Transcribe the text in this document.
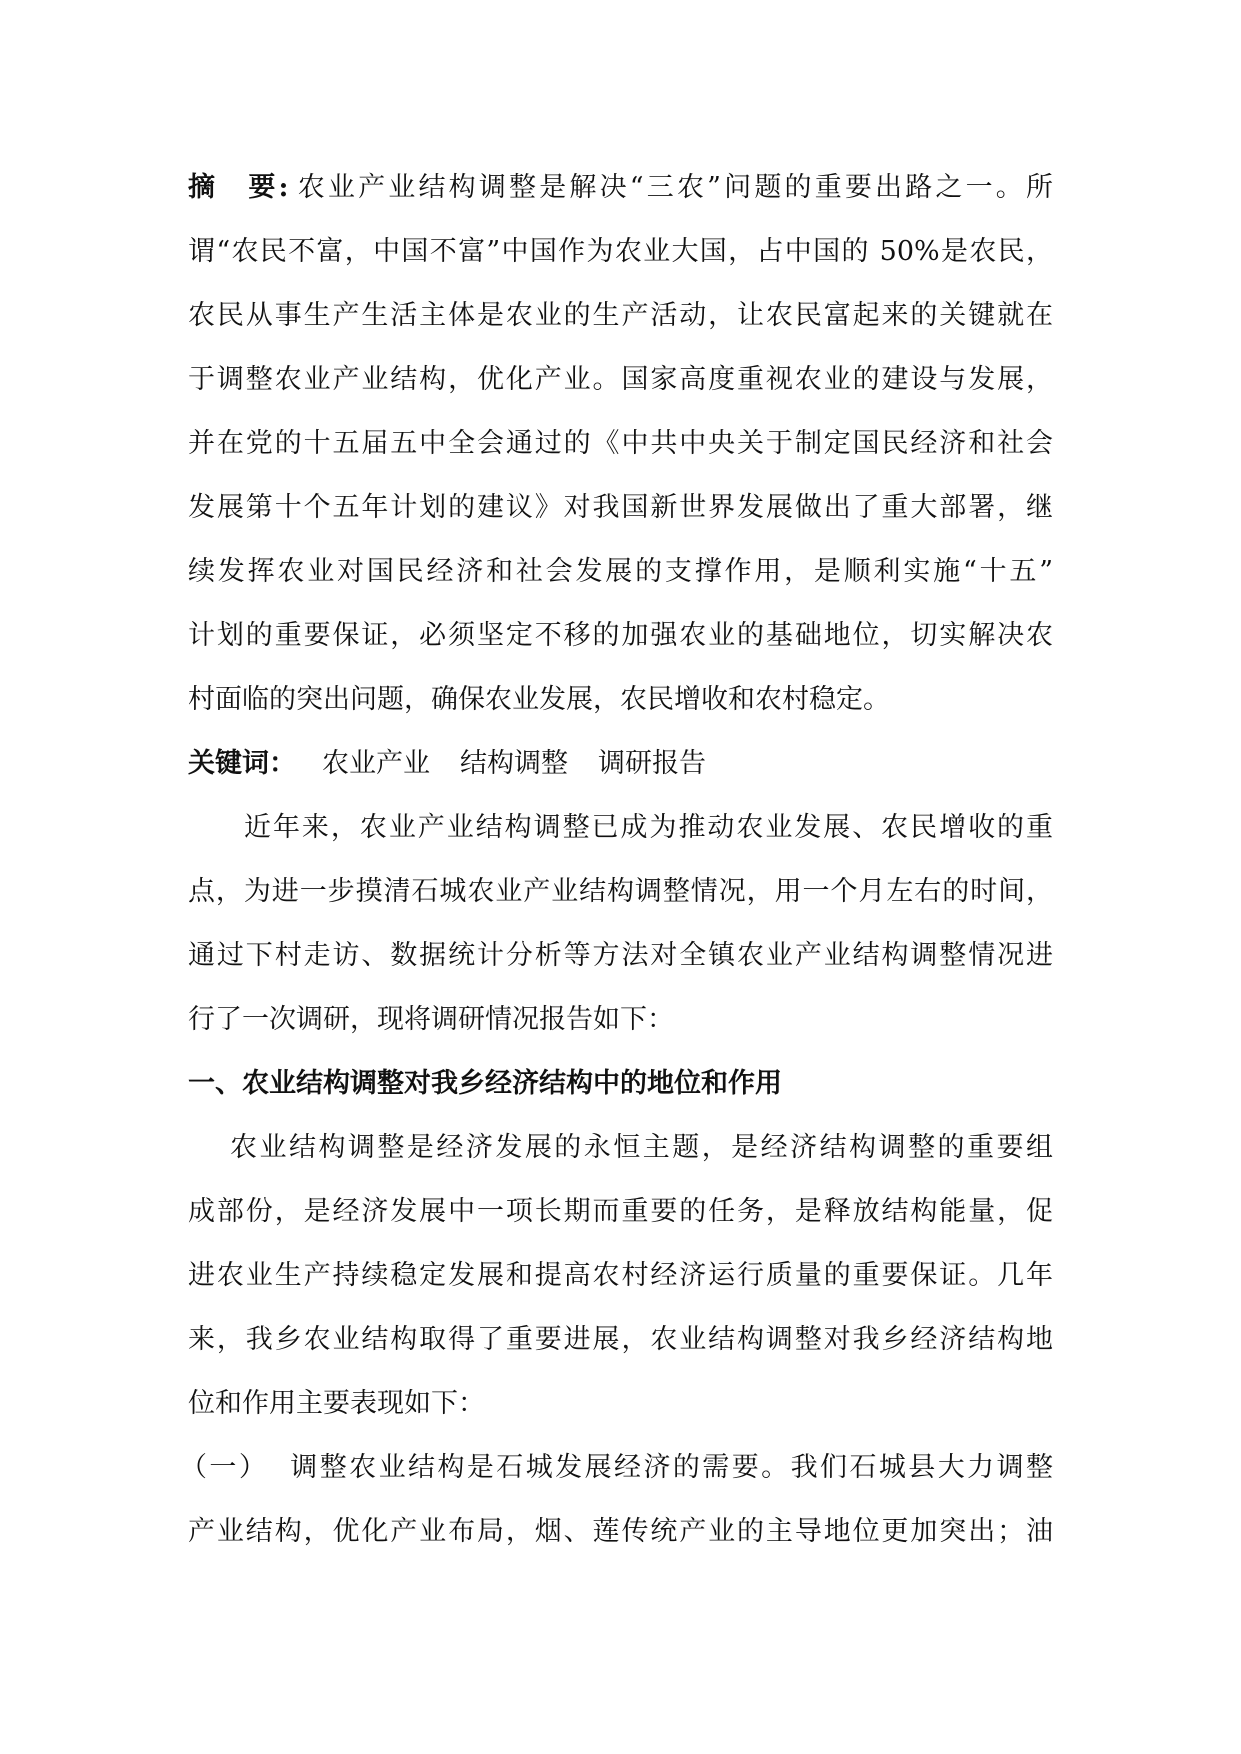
摘　要: 农业产业结构调整是解决“三农”问题的重要出路之一。所
谓“农民不富，中国不富”中国作为农业大国，占中国的 50%是农民，
农民从事生产生活主体是农业的生产活动，让农民富起来的关键就在
于调整农业产业结构，优化产业。国家高度重视农业的建设与发展，
并在党的十五届五中全会通过的《中共中央关于制定国民经济和社会
发展第十个五年计划的建议》对我国新世界发展做出了重大部署，继
续发挥农业对国民经济和社会发展的支撑作用，是顺利实施“十五”
计划的重要保证，必须坚定不移的加强农业的基础地位，切实解决农
村面临的突出问题，确保农业发展，农民增收和农村稳定。
关键词： 农业产业 结构调整 调研报告
近年来，农业产业结构调整已成为推动农业发展、农民增收的重
点，为进一步摸清石城农业产业结构调整情况，用一个月左右的时间，
通过下村走访、数据统计分析等方法对全镇农业产业结构调整情况进
行了一次调研，现将调研情况报告如下：
一、农业结构调整对我乡经济结构中的地位和作用
农业结构调整是经济发展的永恒主题，是经济结构调整的重要组
成部份，是经济发展中一项长期而重要的任务，是释放结构能量，促
进农业生产持续稳定发展和提高农村经济运行质量的重要保证。几年
来，我乡农业结构取得了重要进展，农业结构调整对我乡经济结构地
位和作用主要表现如下：
（一） 调整农业结构是石城发展经济的需要。我们石城县大力调整
产业结构，优化产业布局，烟、莲传统产业的主导地位更加突出；油
